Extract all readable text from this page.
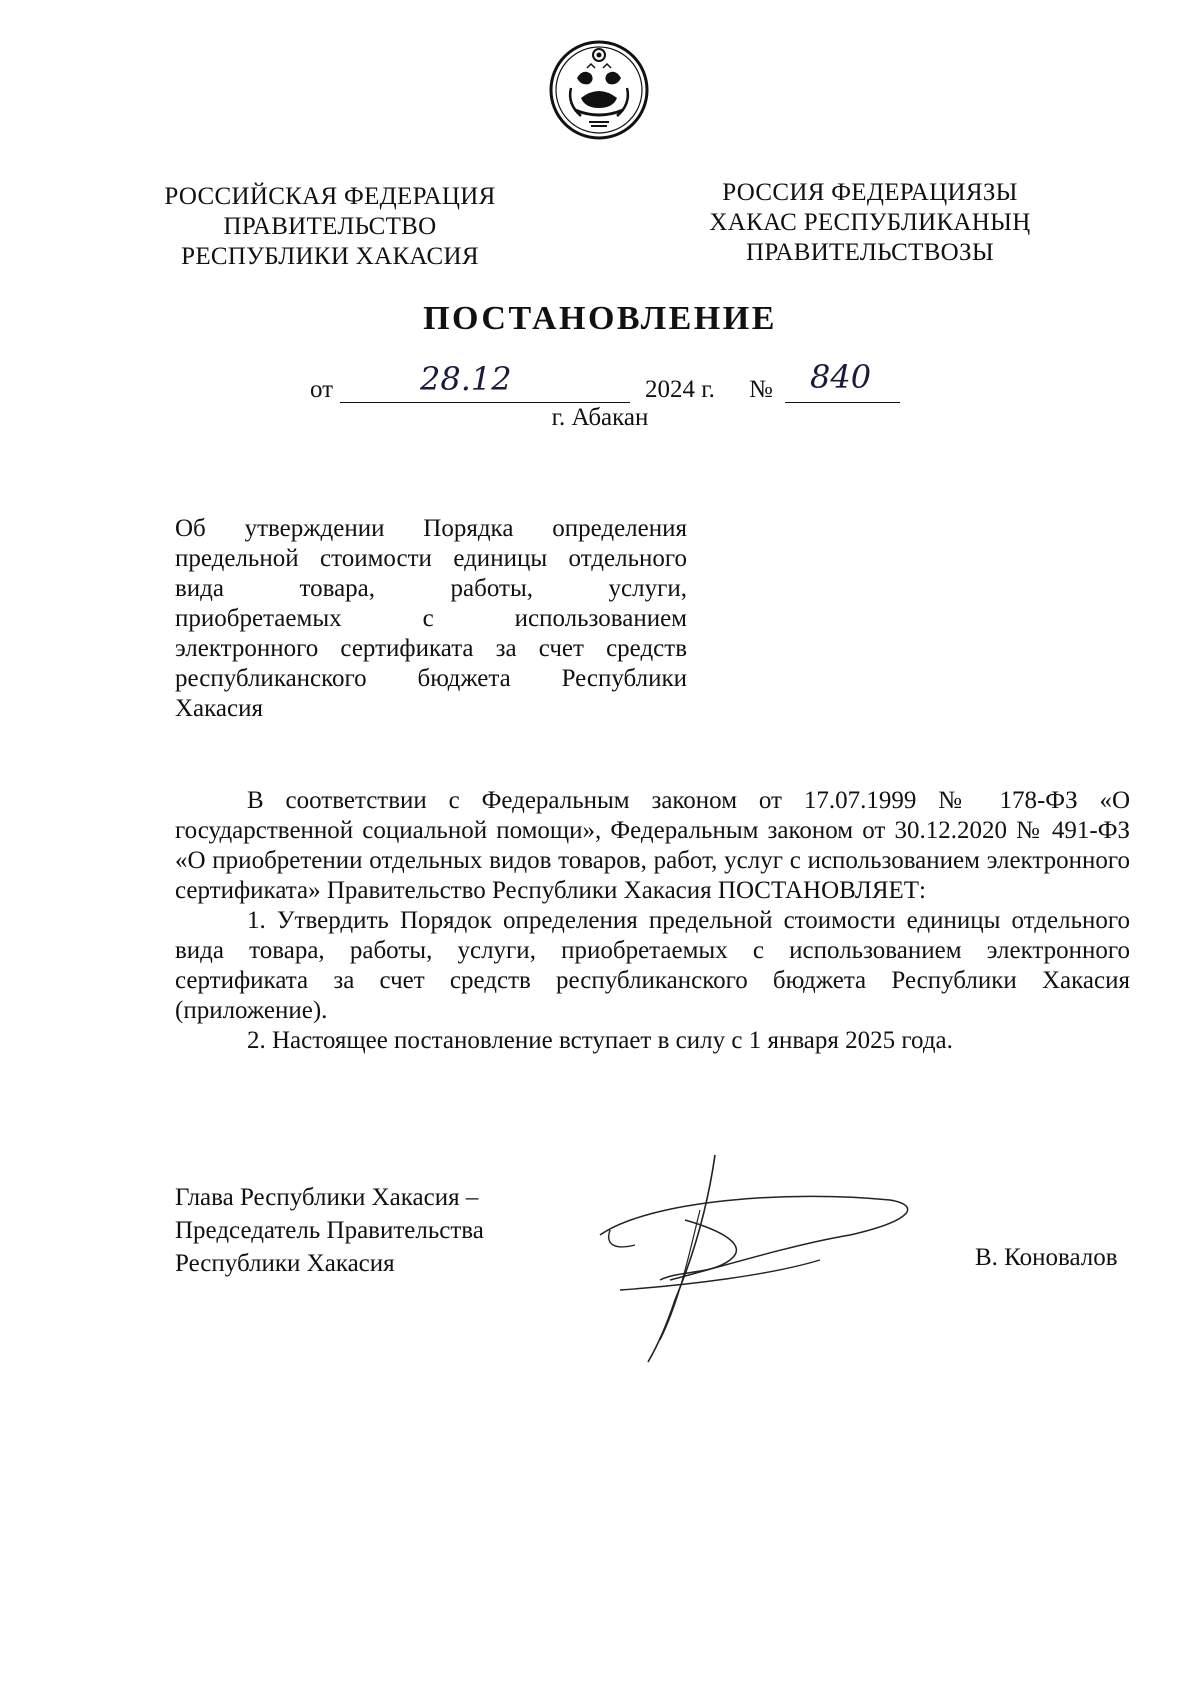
РОССИЙСКАЯ ФЕДЕРАЦИЯ
ПРАВИТЕЛЬСТВО
РЕСПУБЛИКИ ХАКАСИЯ
РОССИЯ ФЕДЕРАЦИЯЗЫ
ХАКАС РЕСПУБЛИКАНЫҢ
ПРАВИТЕЛЬСТВОЗЫ
ПОСТАНОВЛЕНИЕ
от	28.12	2024 г. № 840
г. Абакан
Об утверждении Порядка определения
предельной стоимости единицы отдельного
вида товара, работы, услуги,
приобретаемых с использованием
электронного сертификата за счет средств
республиканского бюджета Республики
Хакасия
В соответствии с Федеральным законом от 17.07.1999 № 178-ФЗ «О государственной социальной помощи», Федеральным законом от 30.12.2020 № 491-ФЗ «О приобретении отдельных видов товаров, работ, услуг с использованием электронного сертификата» Правительство Республики Хакасия ПОСТАНОВЛЯЕТ:
1. Утвердить Порядок определения предельной стоимости единицы отдельного вида товара, работы, услуги, приобретаемых с использованием электронного сертификата за счет средств республиканского бюджета Республики Хакасия (приложение).
2. Настоящее постановление вступает в силу с 1 января 2025 года.
Глава Республики Хакасия –
Председатель Правительства
Республики Хакасия	В. Коновалов
